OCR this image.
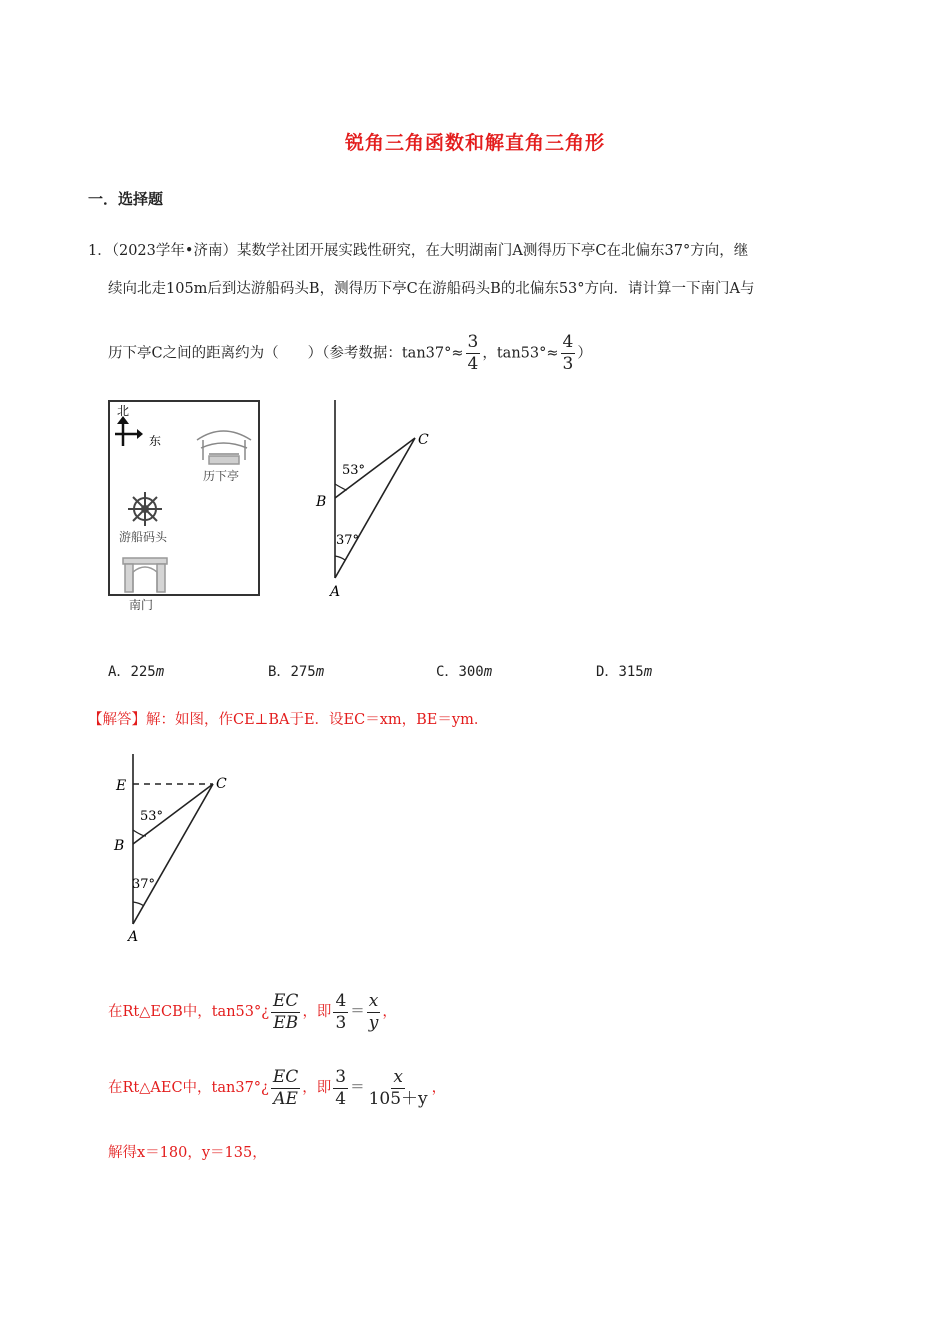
锐角三角函数和解直角三角形
一．选择题
1．（2023学年•济南）某数学社团开展实践性研究，在大明湖南门A测得历下亭C在北偏东37°方向，继
续向北走105m后到达游船码头B，测得历下亭C在游船码头B的北偏东53°方向．请计算一下南门A与
历下亭C之间的距离约为（　　）（参考数据：$\tan 37^\circ\approx \frac{3}{4}$ ，$\tan 53^\circ\approx \frac{4}{3}$ ）
北
东
历下亭
游船码头
南门
C
B
A
53°
37°
A．225m	B．275m	C．300m	D．315m
【解答】解：如图，作CE⊥BA于E．设EC＝xm，BE＝ym．
E	C
B
A
53°
37°
在Rt△ECB中，tan53°¿ $\frac{EC}{EB}$ ，即 $\frac{4}{3} = \frac{x}{y}$ ，
在Rt△AEC中，tan37°¿ $\frac{EC}{AE}$ ，即 $\frac{3}{4} = \frac{x}{105+y}$ ，
解得x＝180，y＝135，
